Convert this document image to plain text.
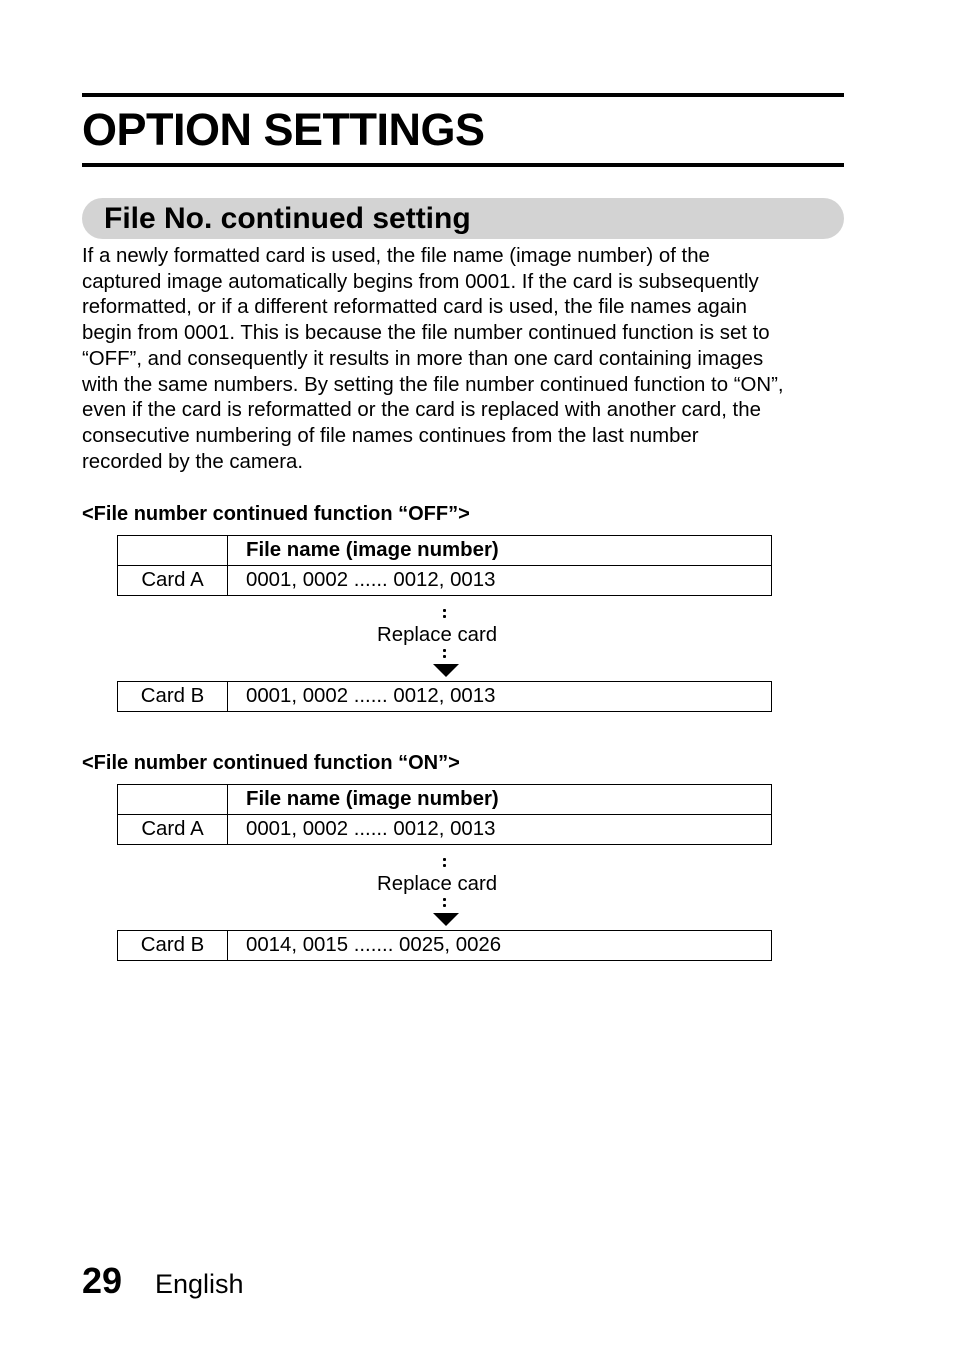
OPTION SETTINGS
File No. continued setting

If a newly formatted card is used, the file name (image number) of the
captured image automatically begins from 0001. If the card is subsequently
reformatted, or if a different reformatted card is used, the file names again
begin from 0001. This is because the file number continued function is set to
“OFF”, and consequently it results in more than one card containing images
with the same numbers. By setting the file number continued function to “ON”,
even if the card is reformatted or the card is replaced with another card, the
consecutive numbering of file names continues from the last number
recorded by the camera.

<File number continued function “OFF”>

	File name (image number)
Card A	0001, 0002 ...... 0012, 0013

Replace card

Card B	0001, 0002 ...... 0012, 0013

<File number continued function “ON”>

	File name (image number)
Card A	0001, 0002 ...... 0012, 0013

Replace card

Card B	0014, 0015 ....... 0025, 0026

29 English
